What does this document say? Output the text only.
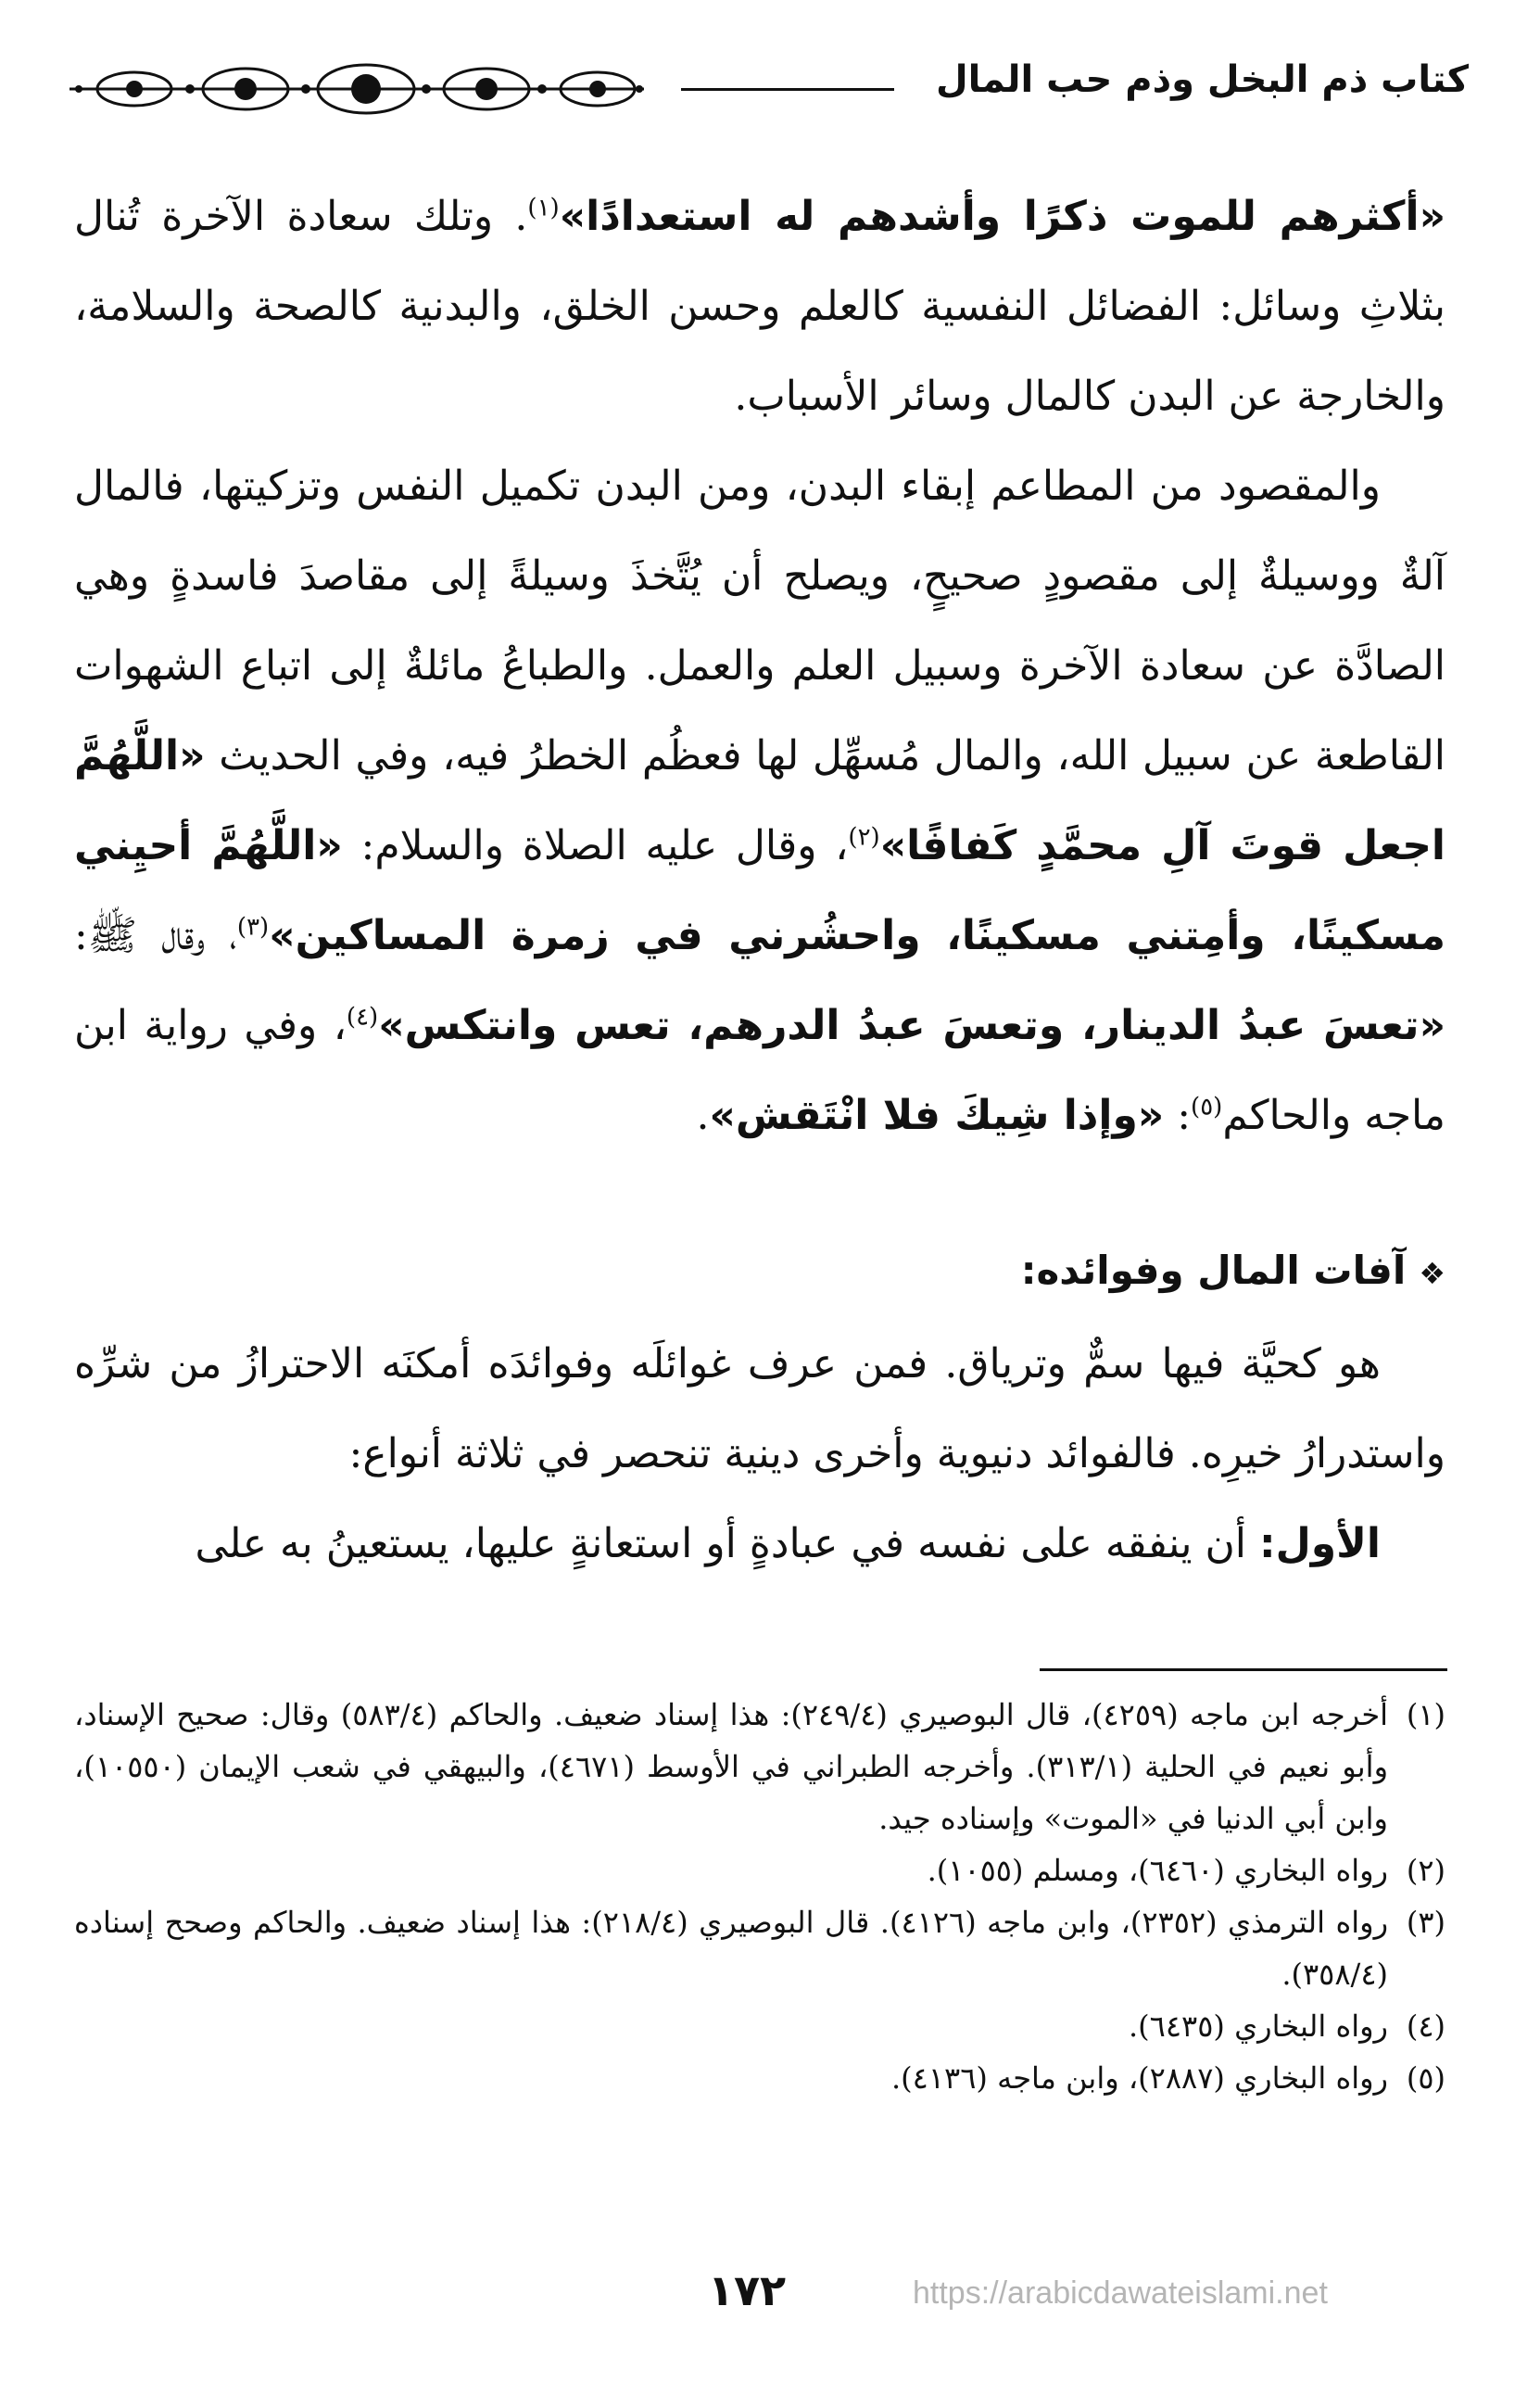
كتاب ذم البخل وذم حب المال

«أكثرهم للموت ذكرًا وأشدهم له استعدادًا»$^{(١)}$. وتلك سعادة الآخرة تُنال بثلاثِ وسائل: الفضائل النفسية كالعلم وحسن الخلق، والبدنية كالصحة والسلامة، والخارجة عن البدن كالمال وسائر الأسباب.

والمقصود من المطاعم إبقاء البدن، ومن البدن تكميل النفس وتزكيتها، فالمال آلةٌ ووسيلةٌ إلى مقصودٍ صحيحٍ، ويصلح أن يُتَّخذَ وسيلةً إلى مقاصدَ فاسدةٍ وهي الصادَّة عن سعادة الآخرة وسبيل العلم والعمل. والطباعُ مائلةٌ إلى اتباع الشهوات القاطعة عن سبيل الله، والمال مُسهِّل لها فعظُم الخطرُ فيه، وفي الحديث «اللَّهُمَّ اجعل قوتَ آلِ محمَّدٍ كَفافًا»$^{(٢)}$، وقال عليه الصلاة والسلام: «اللَّهُمَّ أحيِني مسكينًا، وأمِتني مسكينًا، واحشُرني في زمرة المساكين»$^{(٣)}$، وقال ﷺ: «تعسَ عبدُ الدينار، وتعسَ عبدُ الدرهم، تعس وانتكس»$^{(٤)}$، وفي رواية ابن ماجه والحاكم$^{(٥)}$: «وإذا شِيكَ فلا انْتَقش».

❖آفات المال وفوائده:

هو كحيَّة فيها سمٌّ وترياق. فمن عرف غوائلَه وفوائدَه أمكنَه الاحترازُ من شرِّه واستدرارُ خيرِه. فالفوائد دنيوية وأخرى دينية تنحصر في ثلاثة أنواع:

الأول: أن ينفقه على نفسه في عبادةٍ أو استعانةٍ عليها، يستعينُ به على

(١)أخرجه ابن ماجه (٤٢٥٩)، قال البوصيري (٢٤٩/٤): هذا إسناد ضعيف. والحاكم (٥٨٣/٤) وقال: صحيح الإسناد، وأبو نعيم في الحلية (٣١٣/١). وأخرجه الطبراني في الأوسط (٤٦٧١)، والبيهقي في شعب الإيمان (١٠٥٥٠)، وابن أبي الدنيا في «الموت» وإسناده جيد.

(٢)رواه البخاري (٦٤٦٠)، ومسلم (١٠٥٥).

(٣)رواه الترمذي (٢٣٥٢)، وابن ماجه (٤١٢٦). قال البوصيري (٢١٨/٤): هذا إسناد ضعيف. والحاكم وصحح إسناده (٣٥٨/٤).

(٤)رواه البخاري (٦٤٣٥).

(٥)رواه البخاري (٢٨٨٧)، وابن ماجه (٤١٣٦).

١٧٢	https://arabicdawateislami.net
